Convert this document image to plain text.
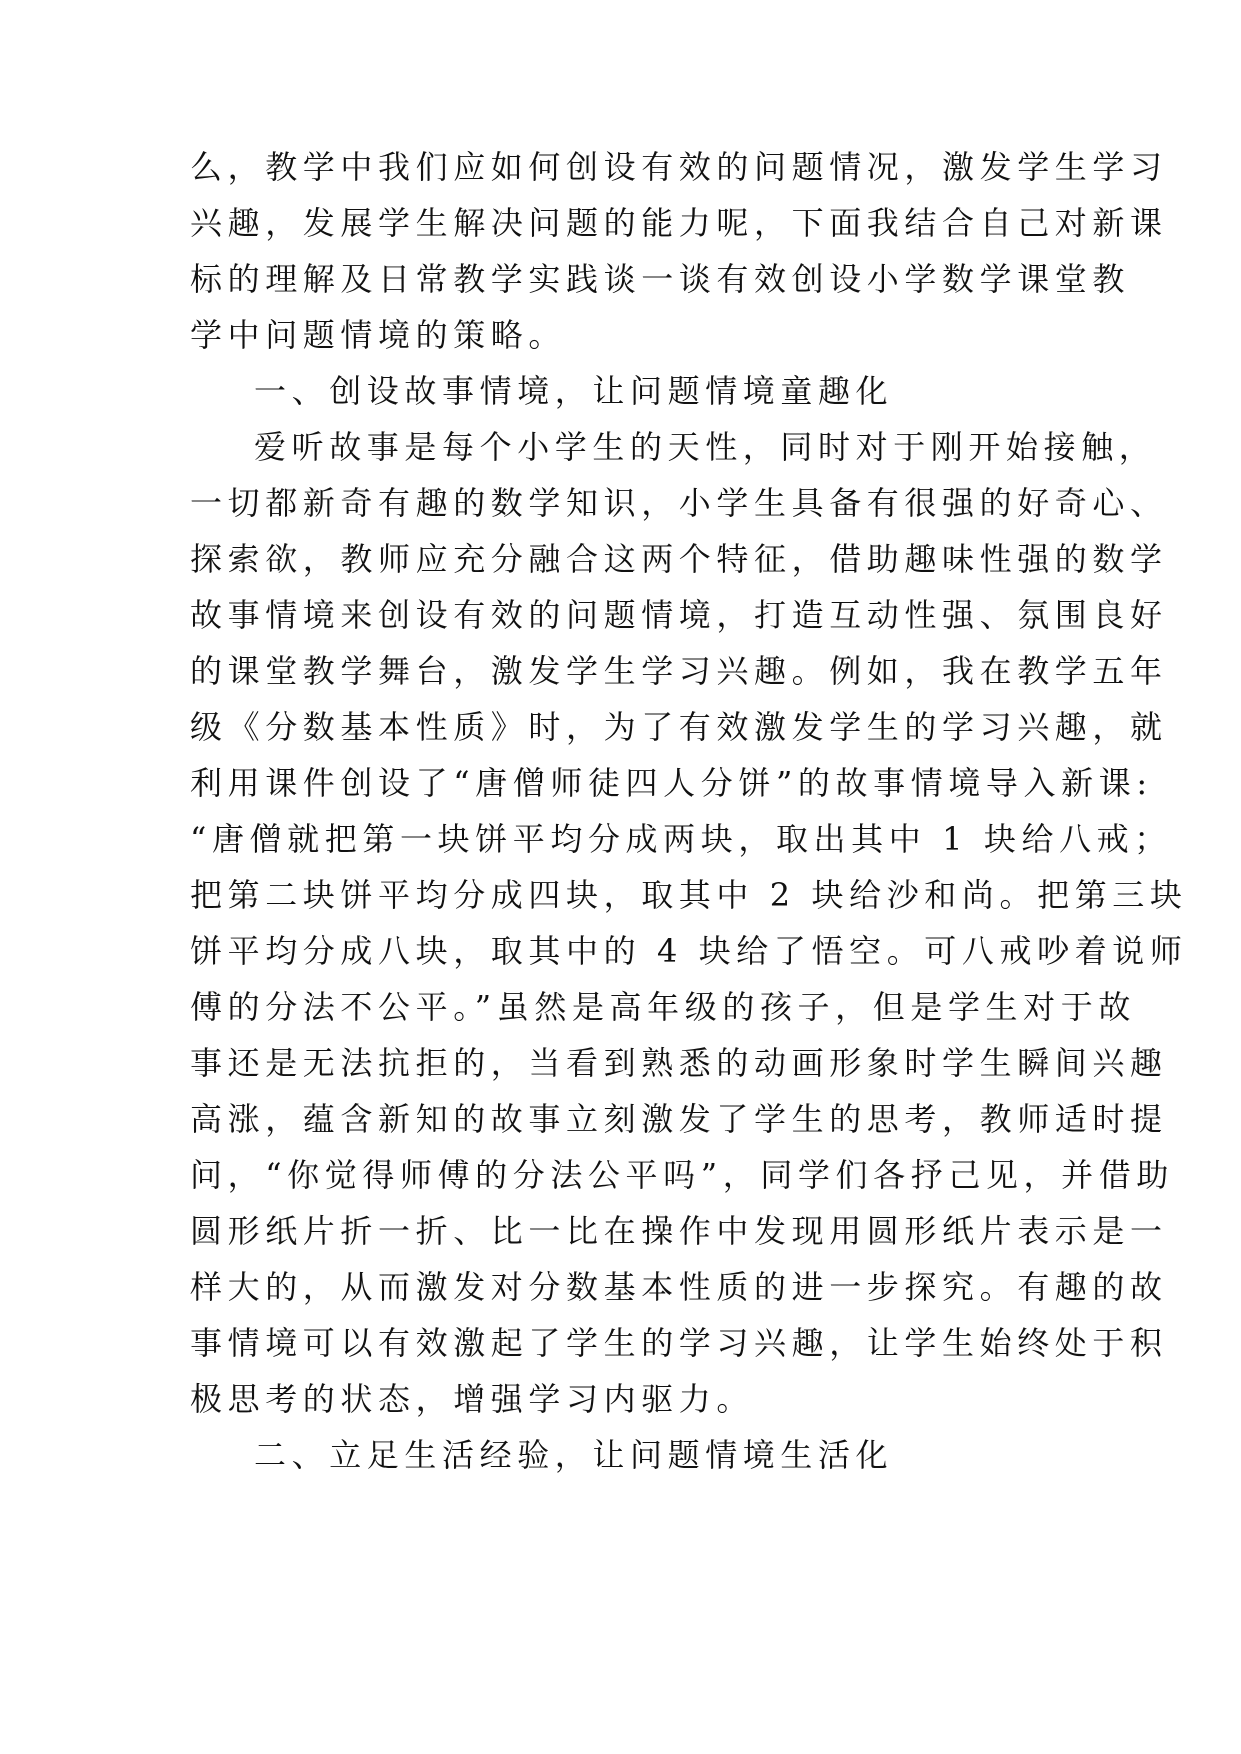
么，教学中我们应如何创设有效的问题情况，激发学生学习
兴趣，发展学生解决问题的能力呢，下面我结合自己对新课
标的理解及日常教学实践谈一谈有效创设小学数学课堂教
学中问题情境的策略。
一、创设故事情境，让问题情境童趣化
爱听故事是每个小学生的天性，同时对于刚开始接触，
一切都新奇有趣的数学知识，小学生具备有很强的好奇心、
探索欲，教师应充分融合这两个特征，借助趣味性强的数学
故事情境来创设有效的问题情境，打造互动性强、氛围良好
的课堂教学舞台，激发学生学习兴趣。例如，我在教学五年
级《分数基本性质》时，为了有效激发学生的学习兴趣，就
利用课件创设了“唐僧师徒四人分饼”的故事情境导入新课:
“唐僧就把第一块饼平均分成两块，取出其中 1 块给八戒；
把第二块饼平均分成四块，取其中 2 块给沙和尚。把第三块
饼平均分成八块，取其中的 4 块给了悟空。可八戒吵着说师
傅的分法不公平。”虽然是高年级的孩子，但是学生对于故
事还是无法抗拒的，当看到熟悉的动画形象时学生瞬间兴趣
高涨，蕴含新知的故事立刻激发了学生的思考，教师适时提
问，“你觉得师傅的分法公平吗”，同学们各抒己见，并借助
圆形纸片折一折、比一比在操作中发现用圆形纸片表示是一
样大的，从而激发对分数基本性质的进一步探究。有趣的故
事情境可以有效激起了学生的学习兴趣，让学生始终处于积
极思考的状态，增强学习内驱力。
二、立足生活经验，让问题情境生活化
